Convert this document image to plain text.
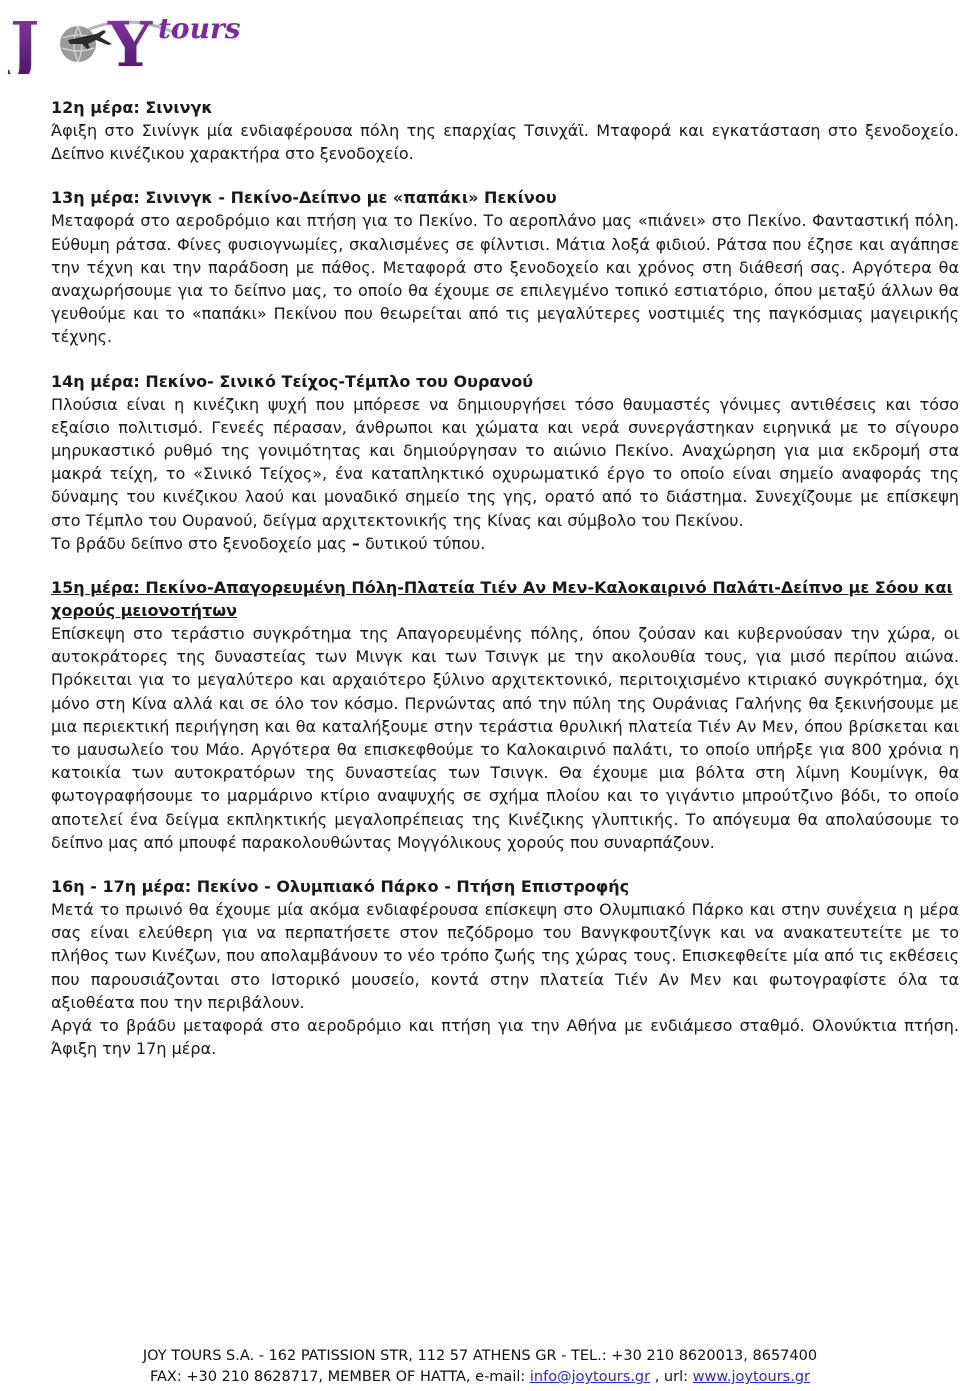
J Y tours
12η μέρα: Σινινγκ

Άφιξη στο Σινίνγκ μία ενδιαφέρουσα πόλη της επαρχίας Τσινχάϊ. Μταφορά και εγκατάσταση στο ξενοδοχείο. Δείπνο κινέζικου χαρακτήρα στο ξενοδοχείο.

13η μέρα: Σινινγκ - Πεκίνο-Δείπνο με «παπάκι» Πεκίνου

Μεταφορά στο αεροδρόμιο και πτήση για το Πεκίνο. Το αεροπλάνο μας «πιάνει» στο Πεκίνο. Φανταστική πόλη. Εύθυμη ράτσα. Φίνες φυσιογνωμίες, σκαλισμένες σε φίλντισι. Μάτια λοξά φιδιού. Ράτσα που έζησε και αγάπησε την τέχνη και την παράδοση με πάθος. Μεταφορά στο ξενοδοχείο και χρόνος στη διάθεσή σας. Αργότερα θα αναχωρήσουμε για το δείπνο μας, το οποίο θα έχουμε σε επιλεγμένο τοπικό εστιατόριο, όπου μεταξύ άλλων θα γευθούμε και το «παπάκι» Πεκίνου που θεωρείται από τις μεγαλύτερες νοστιμιές της παγκόσμιας μαγειρικής τέχνης.

14η μέρα: Πεκίνο- Σινικό Τείχος-Τέμπλο του Ουρανού

Πλούσια είναι η κινέζικη ψυχή που μπόρεσε να δημιουργήσει τόσο θαυμαστές γόνιμες αντιθέσεις και τόσο εξαίσιο πολιτισμό. Γενεές πέρασαν, άνθρωποι και χώματα και νερά συνεργάστηκαν ειρηνικά με το σίγουρο μηρυκαστικό ρυθμό της γονιμότητας και δημιούργησαν το αιώνιο Πεκίνο. Αναχώρηση για μια εκδρομή στα μακρά τείχη, το «Σινικό Τείχος», ένα καταπληκτικό οχυρωματικό έργο το οποίο είναι σημείο αναφοράς της δύναμης του κινέζικου λαού και μοναδικό σημείο της γης, ορατό από το διάστημα. Συνεχίζουμε με επίσκεψη στο Τέμπλο του Ουρανού, δείγμα αρχιτεκτονικής της Κίνας και σύμβολο του Πεκίνου.

Το βράδυ δείπνο στο ξενοδοχείο μας – δυτικού τύπου.

15η μέρα: Πεκίνο-Απαγορευμένη Πόλη-Πλατεία Τιέν Αν Μεν-Καλοκαιρινό Παλάτι-Δείπνο με Σόου και χορούς μειονοτήτων

Επίσκεψη στο τεράστιο συγκρότημα της Απαγορευμένης πόλης, όπου ζούσαν και κυβερνούσαν την χώρα, οι αυτοκράτορες της δυναστείας των Μινγκ και των Τσινγκ με την ακολουθία τους, για μισό περίπου αιώνα. Πρόκειται για το μεγαλύτερο και αρχαιότερο ξύλινο αρχιτεκτονικό, περιτοιχισμένο κτιριακό συγκρότημα, όχι μόνο στη Κίνα αλλά και σε όλο τον κόσμο. Περνώντας από την πύλη της Ουράνιας Γαλήνης θα ξεκινήσουμε με μια περιεκτική περιήγηση και θα καταλήξουμε στην τεράστια θρυλική πλατεία Τιέν Αν Μεν, όπου βρίσκεται και το μαυσωλείο του Μάο. Αργότερα θα επισκεφθούμε το Καλοκαιρινό παλάτι, το οποίο υπήρξε για 800 χρόνια η κατοικία των αυτοκρατόρων της δυναστείας των Τσινγκ. Θα έχουμε μια βόλτα στη λίμνη Κουμίνγκ, θα φωτογραφήσουμε το μαρμάρινο κτίριο αναψυχής σε σχήμα πλοίου και το γιγάντιο μπρούτζινο βόδι, το οποίο αποτελεί ένα δείγμα εκπληκτικής μεγαλοπρέπειας της Κινέζικης γλυπτικής. Το απόγευμα θα απολαύσουμε το δείπνο μας από μπουφέ παρακολουθώντας Μογγόλικους χορούς που συναρπάζουν.

16η - 17η μέρα: Πεκίνο - Ολυμπιακό Πάρκο - Πτήση Επιστροφής

Μετά το πρωινό θα έχουμε μία ακόμα ενδιαφέρουσα επίσκεψη στο Ολυμπιακό Πάρκο και στην συνέχεια η μέρα σας είναι ελεύθερη για να περπατήσετε στον πεζόδρομο του Βανγκφουτζίνγκ και να ανακατευτείτε με το πλήθος των Κινέζων, που απολαμβάνουν το νέο τρόπο ζωής της χώρας τους. Επισκεφθείτε μία από τις εκθέσεις που παρουσιάζονται στο Ιστορικό μουσείο, κοντά στην πλατεία Τιέν Αν Μεν και φωτογραφίστε όλα τα αξιοθέατα που την περιβάλουν.

Αργά το βράδυ μεταφορά στο αεροδρόμιο και πτήση για την Αθήνα με ενδιάμεσο σταθμό. Ολονύκτια πτήση. Άφιξη την 17η μέρα.

JOY TOURS S.A. - 162 PATISSION STR, 112 57 ATHENS GR - TEL.: +30 210 8620013, 8657400
FAX: +30 210 8628717, MEMBER OF HATTA, e-mail: info@joytours.gr , url: www.joytours.gr
